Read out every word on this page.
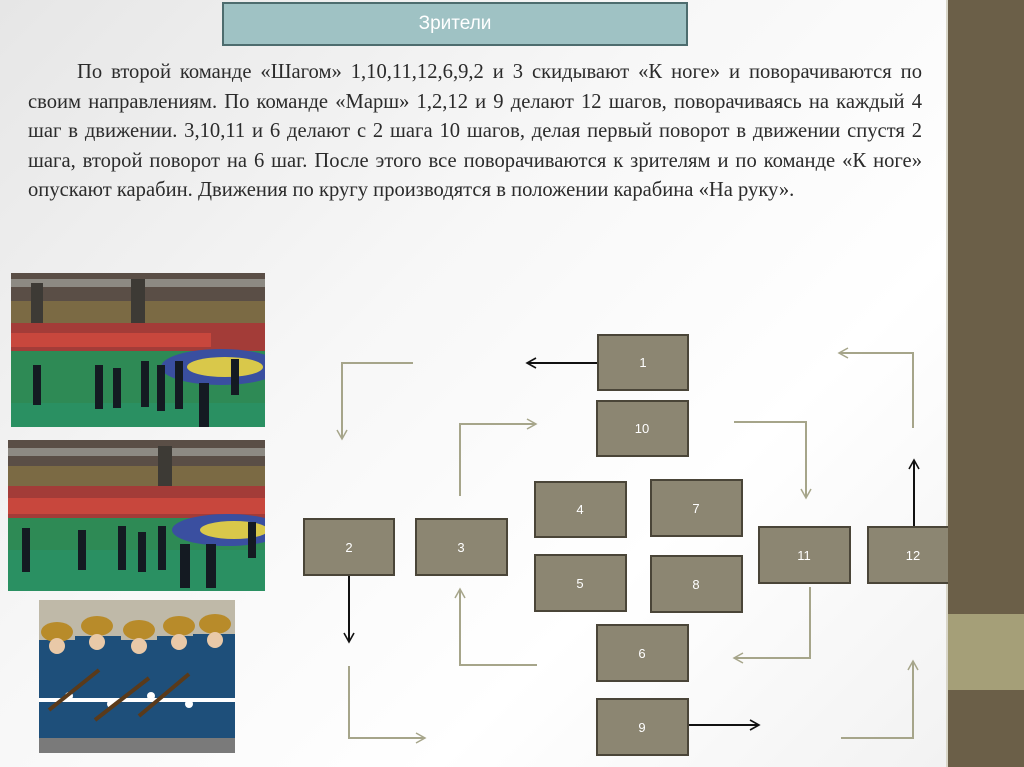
Зрители

По второй команде «Шагом» 1,10,11,12,6,9,2 и 3 скидывают «К ноге» и поворачиваются по своим направлениям. По команде «Марш» 1,2,12 и 9 делают 12 шагов, поворачиваясь на каждый 4 шаг в движении. 3,10,11 и 6 делают с 2 шага 10 шагов, делая первый поворот в движении спустя 2 шага, второй поворот на 6 шаг. После этого все поворачиваются к зрителям и по команде «К ноге» опускают карабин. Движения по кругу производятся в положении карабина «На руку».

1
10
4	7
2	3
11	12
5	8
6
9
